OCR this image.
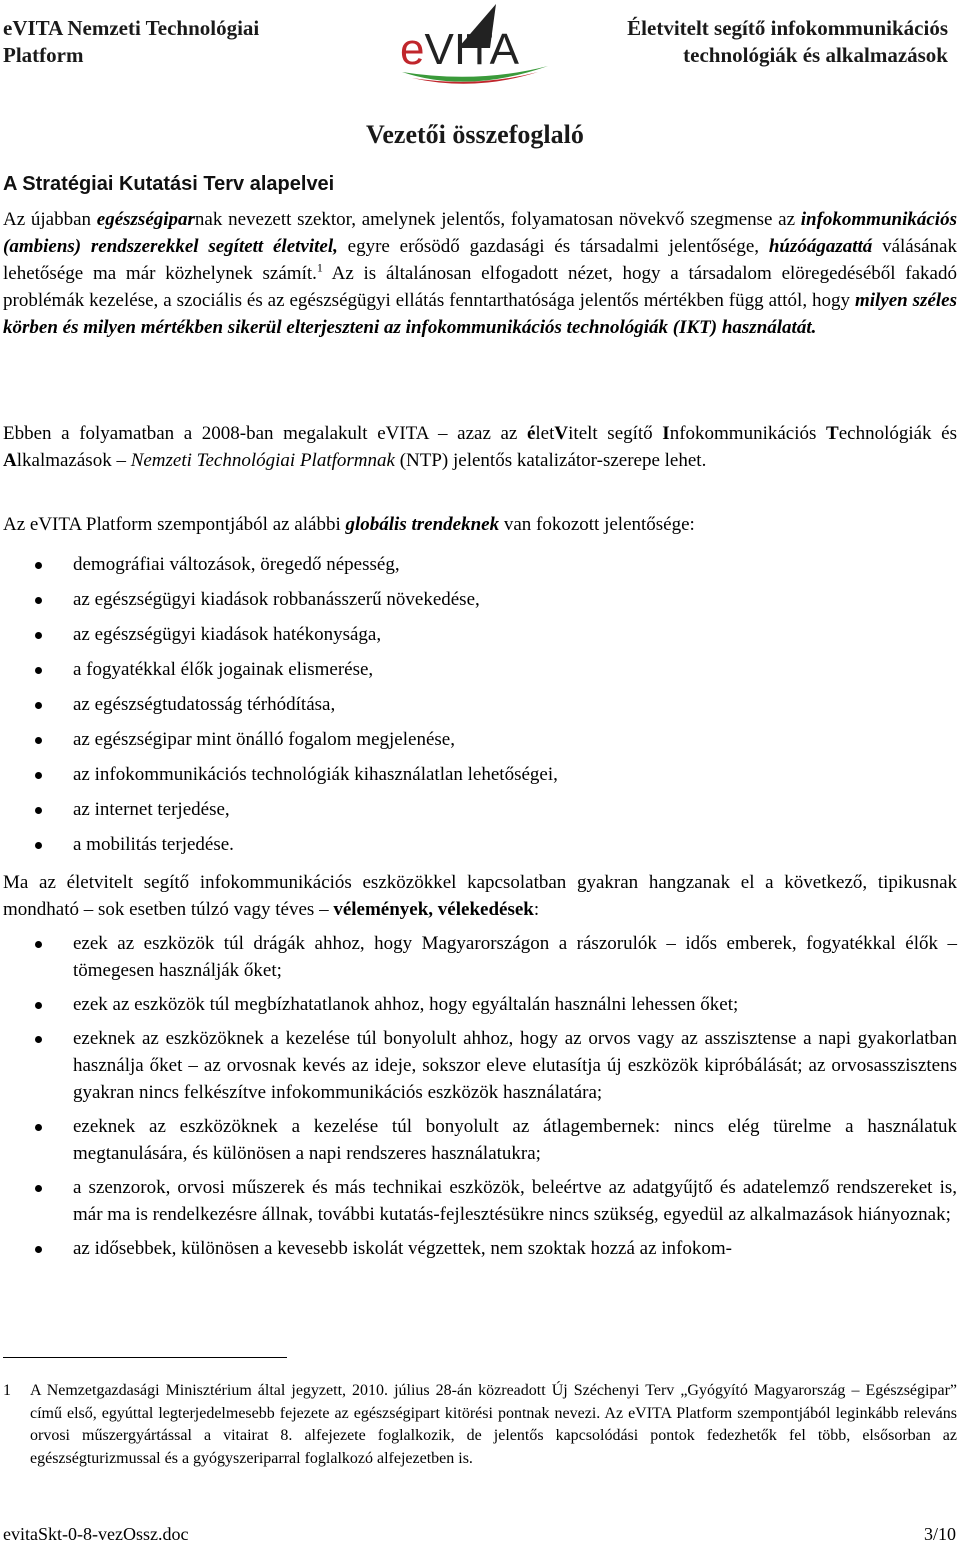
eVITA Nemzeti Technológiai
Platform	eVITA	Életvitelt segítő infokommunikációs
technológiák és alkalmazások
Vezetői összefoglaló
A Stratégiai Kutatási Terv alapelvei

Az újabban egészségiparnak nevezett szektor, amelynek jelentős, folyamatosan növekvő szegmense az infokommunikációs (ambiens) rendszerekkel segített életvitel, egyre erősödő gazdasági és társadalmi jelentősége, húzóágazattá válásának lehetősége ma már közhelynek számít.$^1$ Az is általánosan elfogadott nézet, hogy a társadalom elöregedéséből fakadó problémák kezelése, a szociális és az egészségügyi ellátás fenntarthatósága jelentős mértékben függ attól, hogy milyen széles körben és milyen mértékben sikerül elterjeszteni az infokommunikációs technológiák (IKT) használatát.

Ebben a folyamatban a 2008-ban megalakult eVITA – azaz az életVitelt segítő Infokommunikációs Technológiák és Alkalmazások – Nemzeti Technológiai Platformnak (NTP) jelentős katalizátor-szerepe lehet.

Az eVITA Platform szempontjából az alábbi globális trendeknek van fokozott jelentősége:

demográfiai változások, öregedő népesség,
az egészségügyi kiadások robbanásszerű növekedése,
az egészségügyi kiadások hatékonysága,
a fogyatékkal élők jogainak elismerése,
az egészségtudatosság térhódítása,
az egészségipar mint önálló fogalom megjelenése,
az infokommunikációs technológiák kihasználatlan lehetőségei,
az internet terjedése,
a mobilitás terjedése.

Ma az életvitelt segítő infokommunikációs eszközökkel kapcsolatban gyakran hangzanak el a következő, tipikusnak mondható – sok esetben túlzó vagy téves – vélemények, vélekedések:

ezek az eszközök túl drágák ahhoz, hogy Magyarországon a rászorulók – idős emberek, fogyatékkal élők – tömegesen használják őket;
ezek az eszközök túl megbízhatatlanok ahhoz, hogy egyáltalán használni lehessen őket;
ezeknek az eszközöknek a kezelése túl bonyolult ahhoz, hogy az orvos vagy az asszisztense a napi gyakorlatban használja őket – az orvosnak kevés az ideje, sokszor eleve elutasítja új eszközök kipróbálását; az orvosasszisztens gyakran nincs felkészítve infokommunikációs eszközök használatára;
ezeknek az eszközöknek a kezelése túl bonyolult az átlagembernek: nincs elég türelme a használatuk megtanulására, és különösen a napi rendszeres használatukra;
a szenzorok, orvosi műszerek és más technikai eszközök, beleértve az adatgyűjtő és adatelemző rendszereket is, már ma is rendelkezésre állnak, további kutatás-fejlesztésükre nincs szükség, egyedül az alkalmazások hiányoznak;
az idősebbek, különösen a kevesebb iskolát végzettek, nem szoktak hozzá az infokom-
1 A Nemzetgazdasági Minisztérium által jegyzett, 2010. július 28-án közreadott Új Széchenyi Terv „Gyógyító Magyarország – Egészségipar” című első, egyúttal legterjedelmesebb fejezete az egészségipart kitörési pontnak nevezi. Az eVITA Platform szempontjából leginkább releváns orvosi műszergyártással a vitairat 8. alfejezete foglalkozik, de jelentős kapcsolódási pontok fedezhetők fel több, elsősorban az egészségturizmussal és a gyógyszeriparral foglalkozó alfejezetben is.
evitaSkt-0-8-vezOssz.doc	3/10
